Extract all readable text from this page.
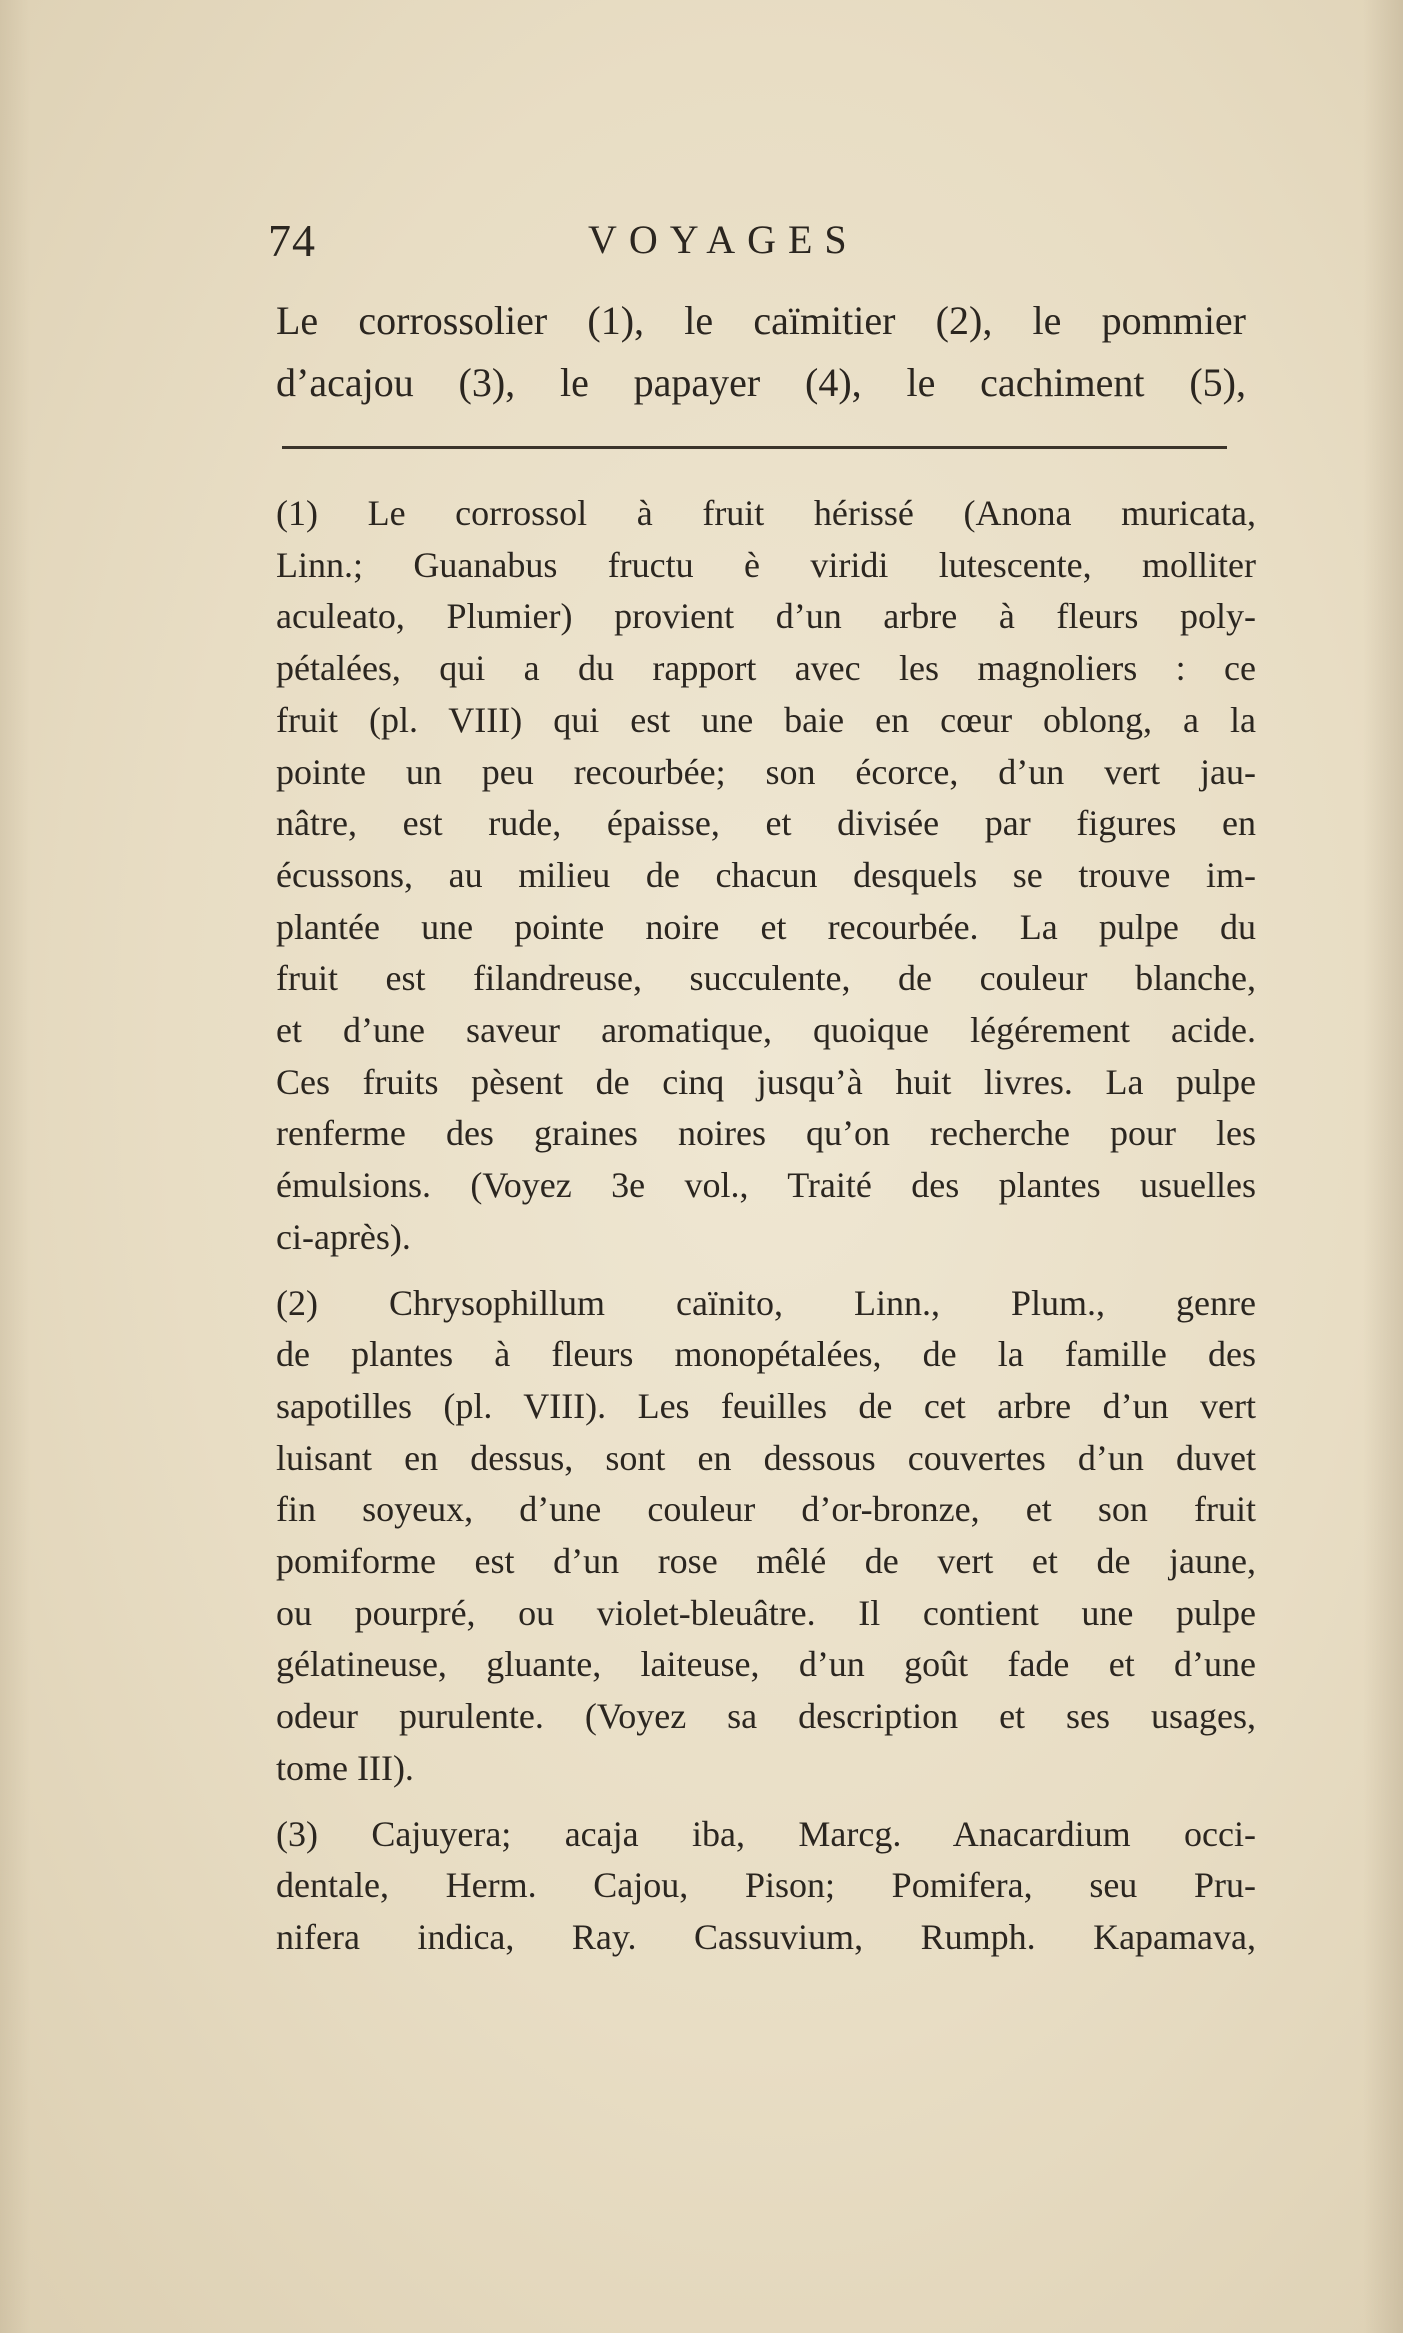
74	VOYAGES
Le corrossolier (1), le caïmitier (2), le pommier
d’acajou (3), le papayer (4), le cachiment (5),
(1) Le corrossol à fruit hérissé (Anona muricata,
Linn.; Guanabus fructu è viridi lutescente, molliter
aculeato, Plumier) provient d’un arbre à fleurs poly-
pétalées, qui a du rapport avec les magnoliers : ce
fruit (pl. VIII) qui est une baie en cœur oblong, a la
pointe un peu recourbée; son écorce, d’un vert jau-
nâtre, est rude, épaisse, et divisée par figures en
écussons, au milieu de chacun desquels se trouve im-
plantée une pointe noire et recourbée. La pulpe du
fruit est filandreuse, succulente, de couleur blanche,
et d’une saveur aromatique, quoique légérement acide.
Ces fruits pèsent de cinq jusqu’à huit livres. La pulpe
renferme des graines noires qu’on recherche pour les
émulsions. (Voyez 3e vol., Traité des plantes usuelles
ci-après).
(2) Chrysophillum caïnito, Linn., Plum., genre
de plantes à fleurs monopétalées, de la famille des
sapotilles (pl. VIII). Les feuilles de cet arbre d’un vert
luisant en dessus, sont en dessous couvertes d’un duvet
fin soyeux, d’une couleur d’or-bronze, et son fruit
pomiforme est d’un rose mêlé de vert et de jaune,
ou pourpré, ou violet-bleuâtre. Il contient une pulpe
gélatineuse, gluante, laiteuse, d’un goût fade et d’une
odeur purulente. (Voyez sa description et ses usages,
tome III).
(3) Cajuyera; acaja iba, Marcg. Anacardium occi-
dentale, Herm. Cajou, Pison; Pomifera, seu Pru-
nifera indica, Ray. Cassuvium, Rumph. Kapamava,
